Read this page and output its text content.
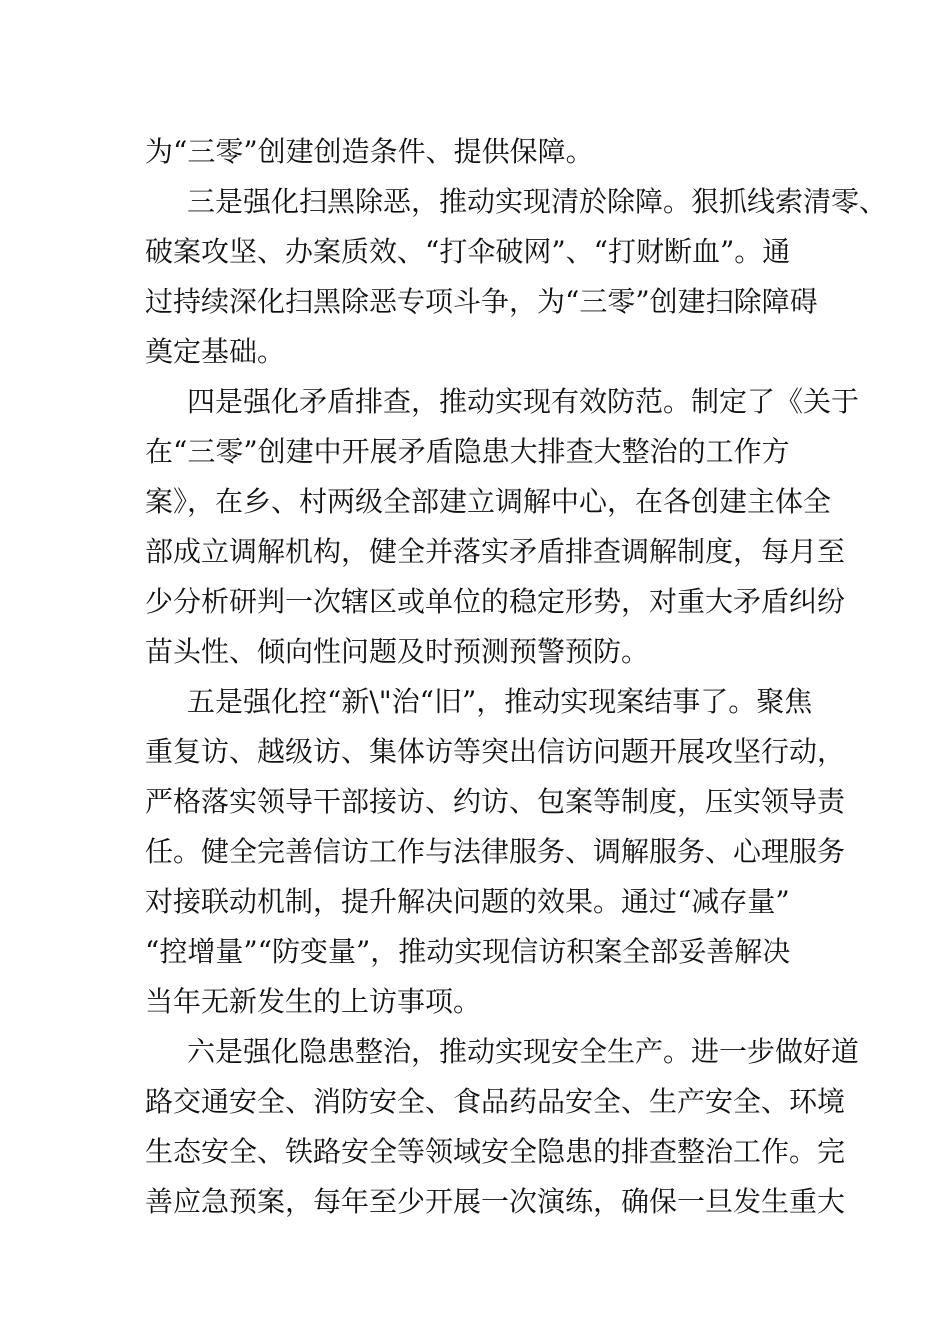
为“三零”创建创造条件、提供保障。
三是强化扫黑除恶，推动实现清於除障。狠抓线索清零、
破案攻坚、办案质效、“打伞破网”、“打财断血”。通
过持续深化扫黑除恶专项斗争，为“三零”创建扫除障碍
奠定基础。
四是强化矛盾排查，推动实现有效防范。制定了《关于
在“三零”创建中开展矛盾隐患大排查大整治的工作方
案》，在乡、村两级全部建立调解中心，在各创建主体全
部成立调解机构，健全并落实矛盾排查调解制度，每月至
少分析研判一次辖区或单位的稳定形势，对重大矛盾纠纷
苗头性、倾向性问题及时预测预警预防。
五是强化控“新\"治“旧”，推动实现案结事了。聚焦
重复访、越级访、集体访等突出信访问题开展攻坚行动，
严格落实领导干部接访、约访、包案等制度，压实领导责
任。健全完善信访工作与法律服务、调解服务、心理服务
对接联动机制，提升解决问题的效果。通过“减存量”
“控增量”“防变量”，推动实现信访积案全部妥善解决
当年无新发生的上访事项。
六是强化隐患整治，推动实现安全生产。进一步做好道
路交通安全、消防安全、食品药品安全、生产安全、环境
生态安全、铁路安全等领域安全隐患的排查整治工作。完
善应急预案，每年至少开展一次演练，确保一旦发生重大
